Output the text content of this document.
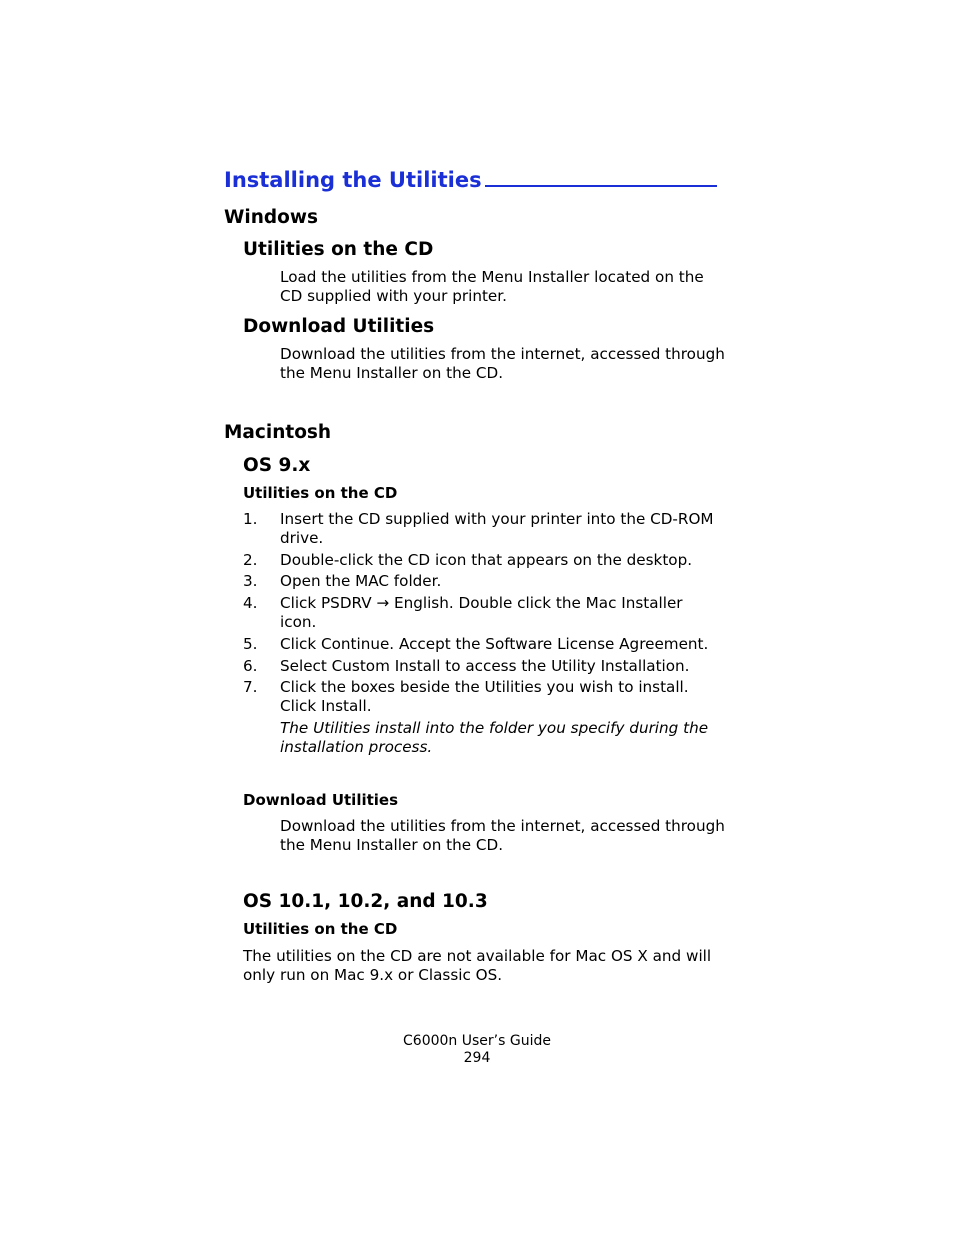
Installing the Utilities
Windows
Utilities on the CD
Load the utilities from the Menu Installer located on the CD supplied with your printer.
Download Utilities
Download the utilities from the internet, accessed through the Menu Installer on the CD.
Macintosh
OS 9.x
Utilities on the CD
1. Insert the CD supplied with your printer into the CD-ROM drive.
2. Double-click the CD icon that appears on the desktop.
3. Open the MAC folder.
4. Click PSDRV → English. Double click the Mac Installer icon.
5. Click Continue. Accept the Software License Agreement.
6. Select Custom Install to access the Utility Installation.
7. Click the boxes beside the Utilities you wish to install. Click Install.
The Utilities install into the folder you specify during the installation process.
Download Utilities
Download the utilities from the internet, accessed through the Menu Installer on the CD.
OS 10.1, 10.2, and 10.3
Utilities on the CD
The utilities on the CD are not available for Mac OS X and will only run on Mac 9.x or Classic OS.
C6000n User’s Guide
294
